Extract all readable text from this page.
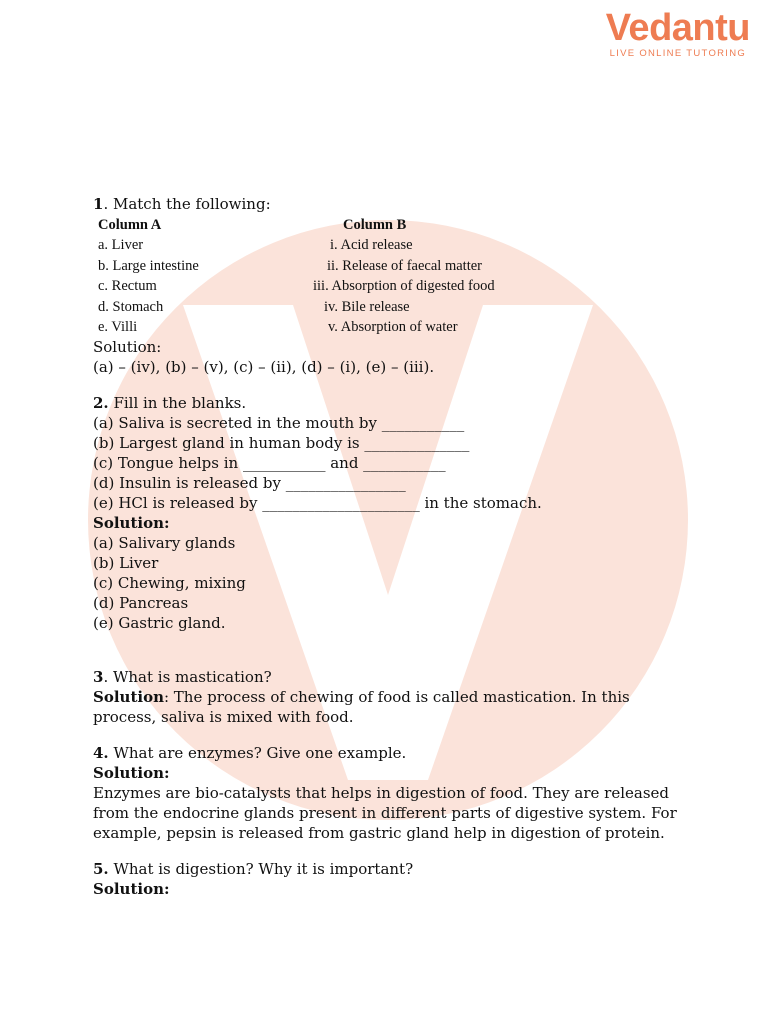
Vedantu
LIVE ONLINE TUTORING

1. Match the following:

Column A	Column B
a. Liver	i. Acid release
b. Large intestine	ii. Release of faecal matter
c. Rectum	iii. Absorption of digested food
d. Stomach	iv. Bile release
e. Villi	v. Absorption of water

Solution:

(a) – (iv), (b) – (v), (c) – (ii), (d) – (i), (e) – (iii).

2. Fill in the blanks.

(a) Saliva is secreted in the mouth by ___________

(b) Largest gland in human body is ______________

(c) Tongue helps in ___________ and ___________

(d) Insulin is released by ________________

(e) HCl is released by _____________________ in the stomach.

Solution:

(a) Salivary glands

(b) Liver

(c) Chewing, mixing

(d) Pancreas

(e) Gastric gland.

3. What is mastication?

Solution: The process of chewing of food is called mastication. In this process, saliva is mixed with food.

4. What are enzymes? Give one example.

Solution:

Enzymes are bio-catalysts that helps in digestion of food. They are released from the endocrine glands present in different parts of digestive system. For example, pepsin is released from gastric gland help in digestion of protein.

5. What is digestion? Why it is important?

Solution:
